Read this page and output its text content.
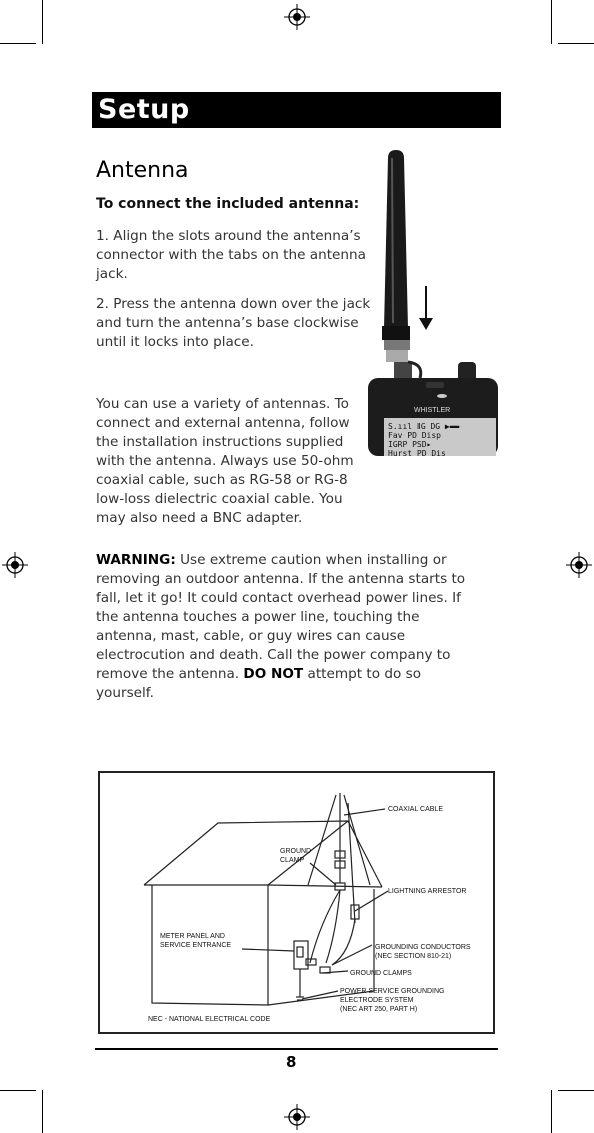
Setup
Antenna
To connect the included antenna:
1. Align the slots around the antenna’s connector with the tabs on the antenna jack.
2. Press the antenna down over the jack and turn the antenna’s base clockwise until it locks into place.
WHISTLER
S.ııl ⅡG DG ▶▬▬
Fav PD Disp
IGRP PSD▸
Hurst PD Dis
You can use a variety of antennas. To connect and external antenna, follow the installation instructions supplied with the antenna. Always use 50-ohm coaxial cable, such as RG-58 or RG-8 low-loss dielectric coaxial cable. You may also need a BNC adapter.
WARNING: Use extreme caution when installing or removing an outdoor antenna. If the antenna starts to fall, let it go! It could contact overhead power lines. If the antenna touches a power line, touching the antenna, mast, cable, or guy wires can cause electrocution and death. Call the power company to remove the antenna. DO NOT attempt to do so yourself.
COAXIAL CABLE
GROUND
CLAMP
LIGHTNING ARRESTOR
METER PANEL AND
SERVICE ENTRANCE	GROUNDING CONDUCTORS
(NEC SECTION 810-21)
GROUND CLAMPS
POWER SERVICE GROUNDING
ELECTRODE SYSTEM
(NEC ART 250, PART H)
NEC - NATIONAL ELECTRICAL CODE
8
